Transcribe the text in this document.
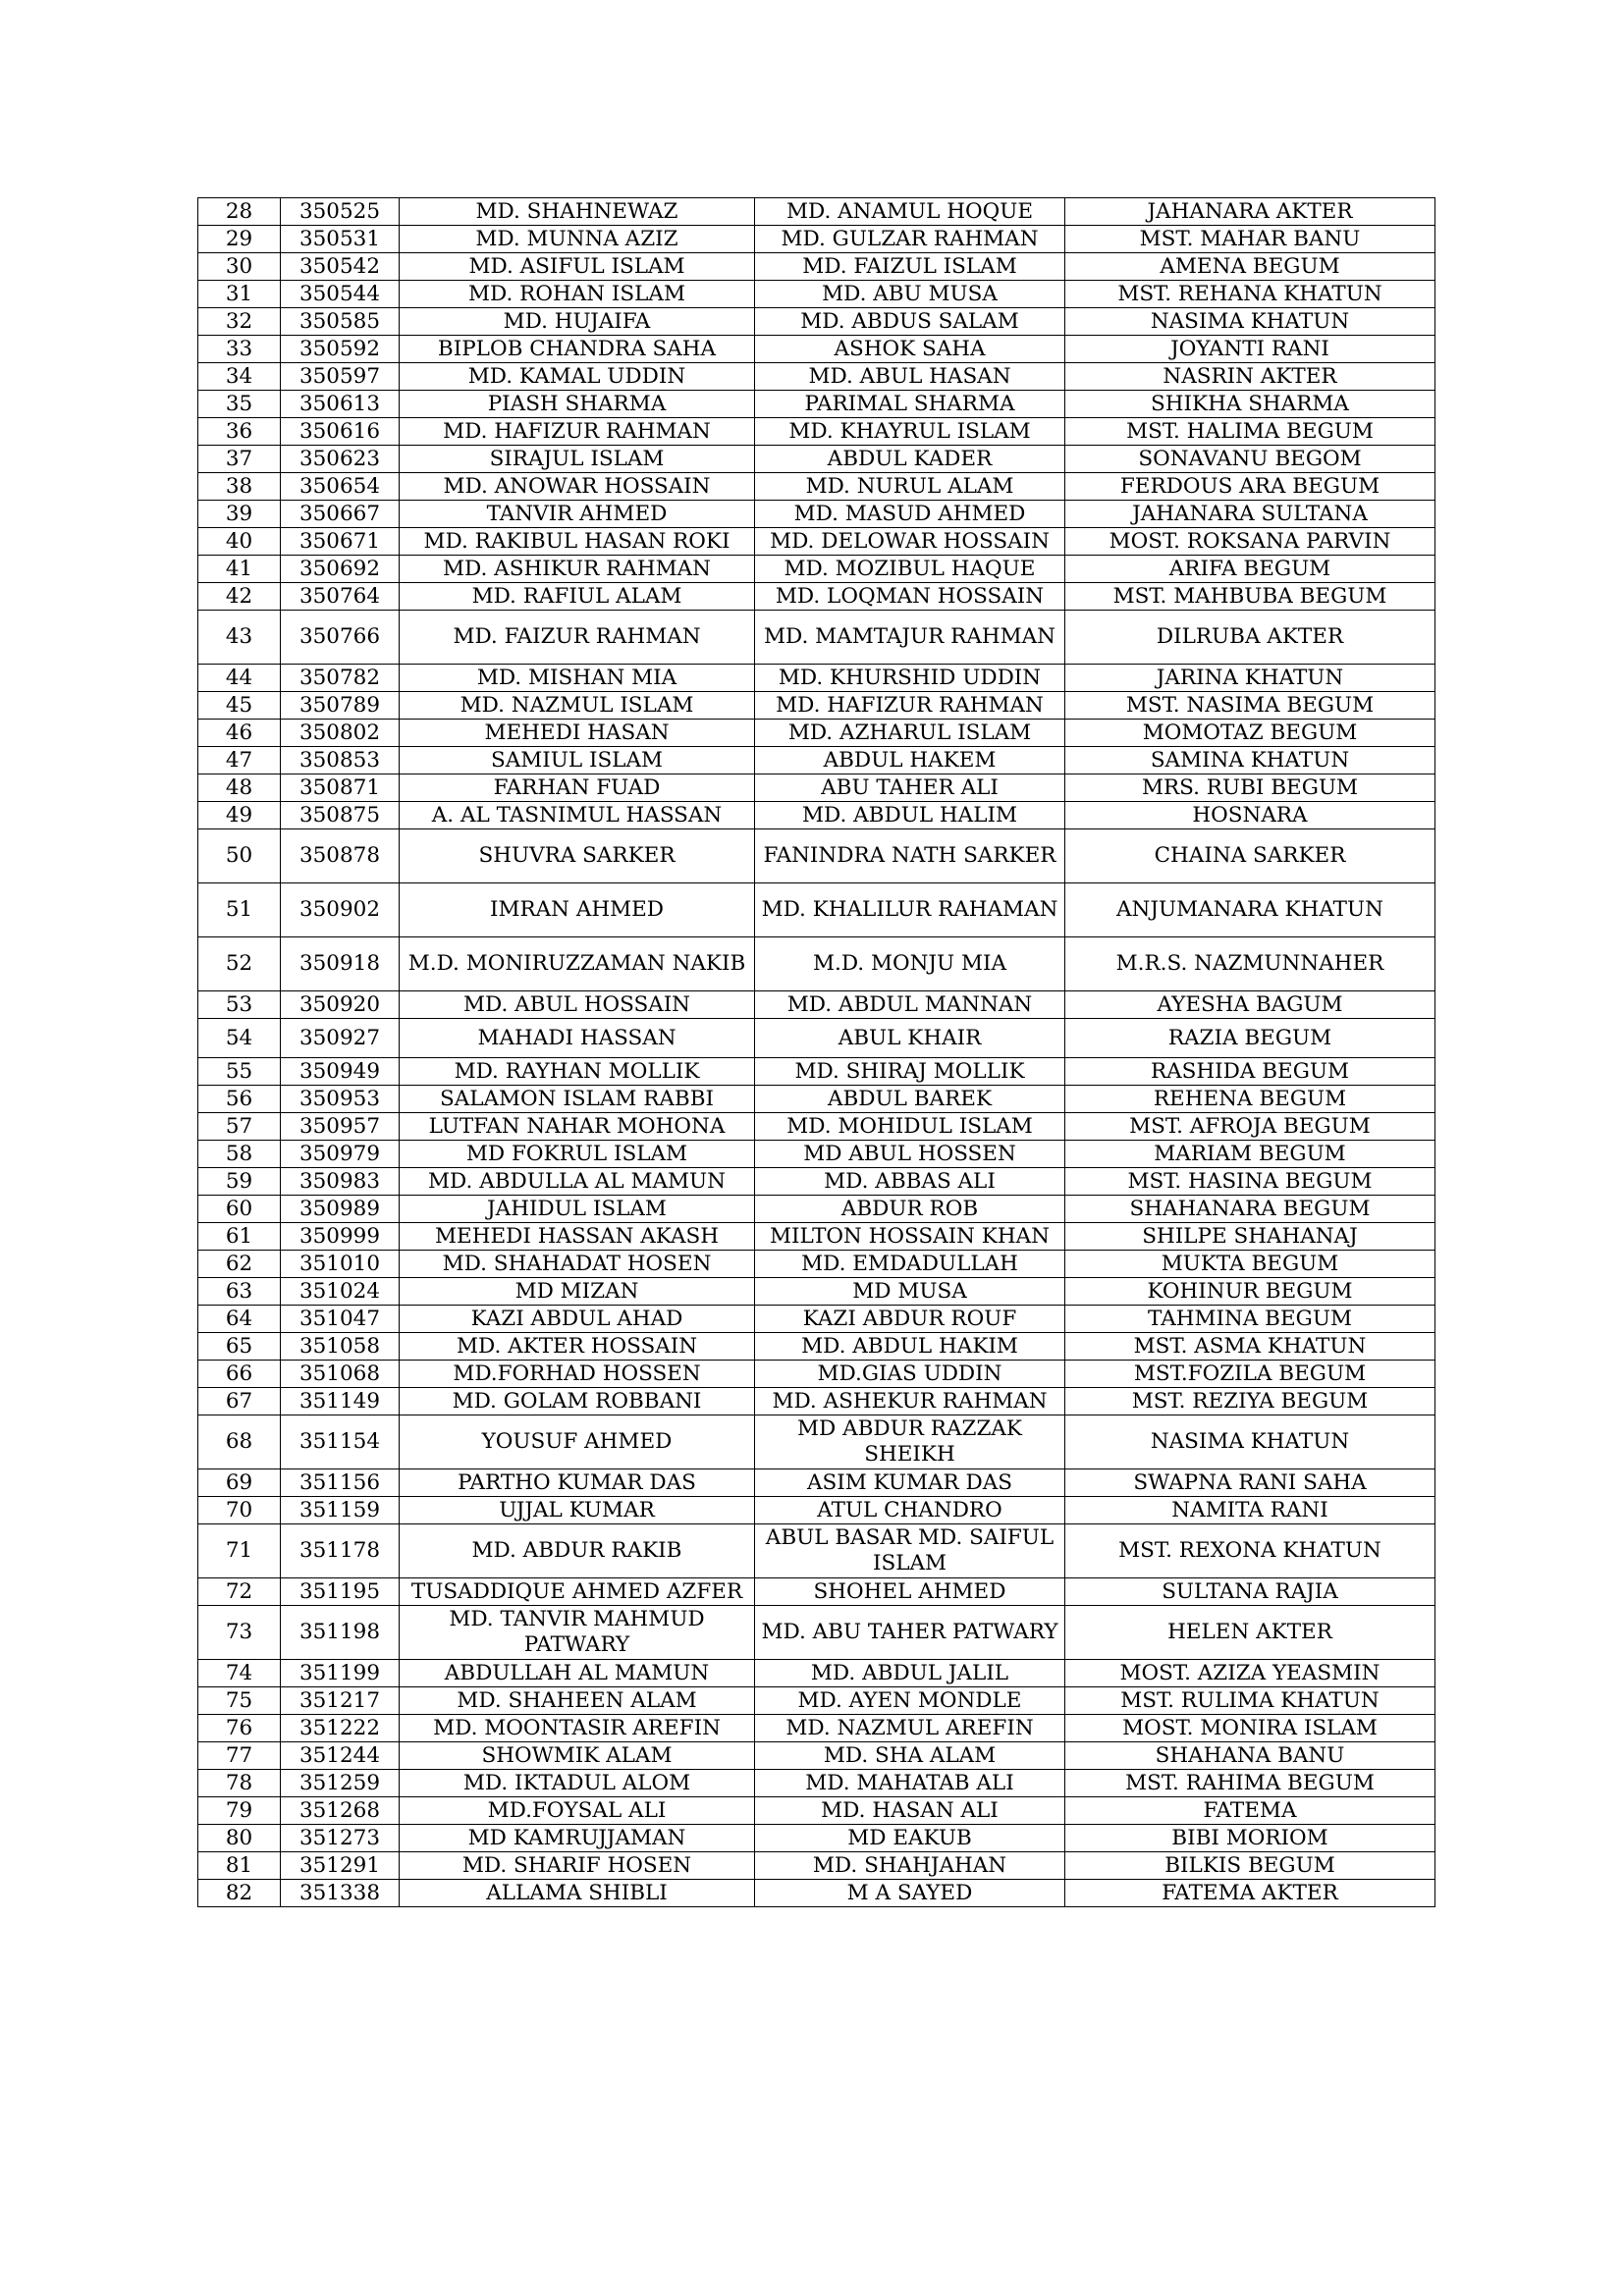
28	350525	MD. SHAHNEWAZ	MD. ANAMUL HOQUE	JAHANARA AKTER
29	350531	MD. MUNNA AZIZ	MD. GULZAR RAHMAN	MST. MAHAR BANU
30	350542	MD. ASIFUL ISLAM	MD. FAIZUL ISLAM	AMENA BEGUM
31	350544	MD. ROHAN ISLAM	MD. ABU MUSA	MST. REHANA KHATUN
32	350585	MD. HUJAIFA	MD. ABDUS SALAM	NASIMA KHATUN
33	350592	BIPLOB CHANDRA SAHA	ASHOK SAHA	JOYANTI RANI
34	350597	MD. KAMAL UDDIN	MD. ABUL HASAN	NASRIN AKTER
35	350613	PIASH SHARMA	PARIMAL SHARMA	SHIKHA SHARMA
36	350616	MD. HAFIZUR RAHMAN	MD. KHAYRUL ISLAM	MST. HALIMA BEGUM
37	350623	SIRAJUL ISLAM	ABDUL KADER	SONAVANU BEGOM
38	350654	MD. ANOWAR HOSSAIN	MD. NURUL ALAM	FERDOUS ARA BEGUM
39	350667	TANVIR AHMED	MD. MASUD AHMED	JAHANARA SULTANA
40	350671	MD. RAKIBUL HASAN ROKI	MD. DELOWAR HOSSAIN	MOST. ROKSANA PARVIN
41	350692	MD. ASHIKUR RAHMAN	MD. MOZIBUL HAQUE	ARIFA BEGUM
42	350764	MD. RAFIUL ALAM	MD. LOQMAN HOSSAIN	MST. MAHBUBA BEGUM
43	350766	MD. FAIZUR RAHMAN	MD. MAMTAJUR RAHMAN	DILRUBA AKTER
44	350782	MD. MISHAN MIA	MD. KHURSHID UDDIN	JARINA KHATUN
45	350789	MD. NAZMUL ISLAM	MD. HAFIZUR RAHMAN	MST. NASIMA BEGUM
46	350802	MEHEDI HASAN	MD. AZHARUL ISLAM	MOMOTAZ BEGUM
47	350853	SAMIUL ISLAM	ABDUL HAKEM	SAMINA KHATUN
48	350871	FARHAN FUAD	ABU TAHER ALI	MRS. RUBI BEGUM
49	350875	A. AL TASNIMUL HASSAN	MD. ABDUL HALIM	HOSNARA
50	350878	SHUVRA SARKER	FANINDRA NATH SARKER	CHAINA SARKER
51	350902	IMRAN AHMED	MD. KHALILUR RAHAMAN	ANJUMANARA KHATUN
52	350918	M.D. MONIRUZZAMAN NAKIB	M.D. MONJU MIA	M.R.S. NAZMUNNAHER
53	350920	MD. ABUL HOSSAIN	MD. ABDUL MANNAN	AYESHA BAGUM
54	350927	MAHADI HASSAN	ABUL KHAIR	RAZIA BEGUM
55	350949	MD. RAYHAN MOLLIK	MD. SHIRAJ MOLLIK	RASHIDA BEGUM
56	350953	SALAMON ISLAM RABBI	ABDUL BAREK	REHENA BEGUM
57	350957	LUTFAN NAHAR MOHONA	MD. MOHIDUL ISLAM	MST. AFROJA BEGUM
58	350979	MD FOKRUL ISLAM	MD ABUL HOSSEN	MARIAM BEGUM
59	350983	MD. ABDULLA AL MAMUN	MD. ABBAS ALI	MST. HASINA BEGUM
60	350989	JAHIDUL ISLAM	ABDUR ROB	SHAHANARA BEGUM
61	350999	MEHEDI HASSAN AKASH	MILTON HOSSAIN KHAN	SHILPE SHAHANAJ
62	351010	MD. SHAHADAT HOSEN	MD. EMDADULLAH	MUKTA BEGUM
63	351024	MD MIZAN	MD MUSA	KOHINUR BEGUM
64	351047	KAZI ABDUL AHAD	KAZI ABDUR ROUF	TAHMINA BEGUM
65	351058	MD. AKTER HOSSAIN	MD. ABDUL HAKIM	MST. ASMA KHATUN
66	351068	MD.FORHAD HOSSEN	MD.GIAS UDDIN	MST.FOZILA BEGUM
67	351149	MD. GOLAM ROBBANI	MD. ASHEKUR RAHMAN	MST. REZIYA BEGUM
68	351154	YOUSUF AHMED	MD ABDUR RAZZAK SHEIKH	NASIMA KHATUN
69	351156	PARTHO KUMAR DAS	ASIM KUMAR DAS	SWAPNA RANI SAHA
70	351159	UJJAL KUMAR	ATUL CHANDRO	NAMITA RANI
71	351178	MD. ABDUR RAKIB	ABUL BASAR MD. SAIFUL ISLAM	MST. REXONA KHATUN
72	351195	TUSADDIQUE AHMED AZFER	SHOHEL AHMED	SULTANA RAJIA
73	351198	MD. TANVIR MAHMUD PATWARY	MD. ABU TAHER PATWARY	HELEN AKTER
74	351199	ABDULLAH AL MAMUN	MD. ABDUL JALIL	MOST. AZIZA YEASMIN
75	351217	MD. SHAHEEN ALAM	MD. AYEN MONDLE	MST. RULIMA KHATUN
76	351222	MD. MOONTASIR AREFIN	MD. NAZMUL AREFIN	MOST. MONIRA ISLAM
77	351244	SHOWMIK ALAM	MD. SHA ALAM	SHAHANA BANU
78	351259	MD. IKTADUL ALOM	MD. MAHATAB ALI	MST. RAHIMA BEGUM
79	351268	MD.FOYSAL ALI	MD. HASAN ALI	FATEMA
80	351273	MD KAMRUJJAMAN	MD EAKUB	BIBI MORIOM
81	351291	MD. SHARIF HOSEN	MD. SHAHJAHAN	BILKIS BEGUM
82	351338	ALLAMA SHIBLI	M A SAYED	FATEMA AKTER
